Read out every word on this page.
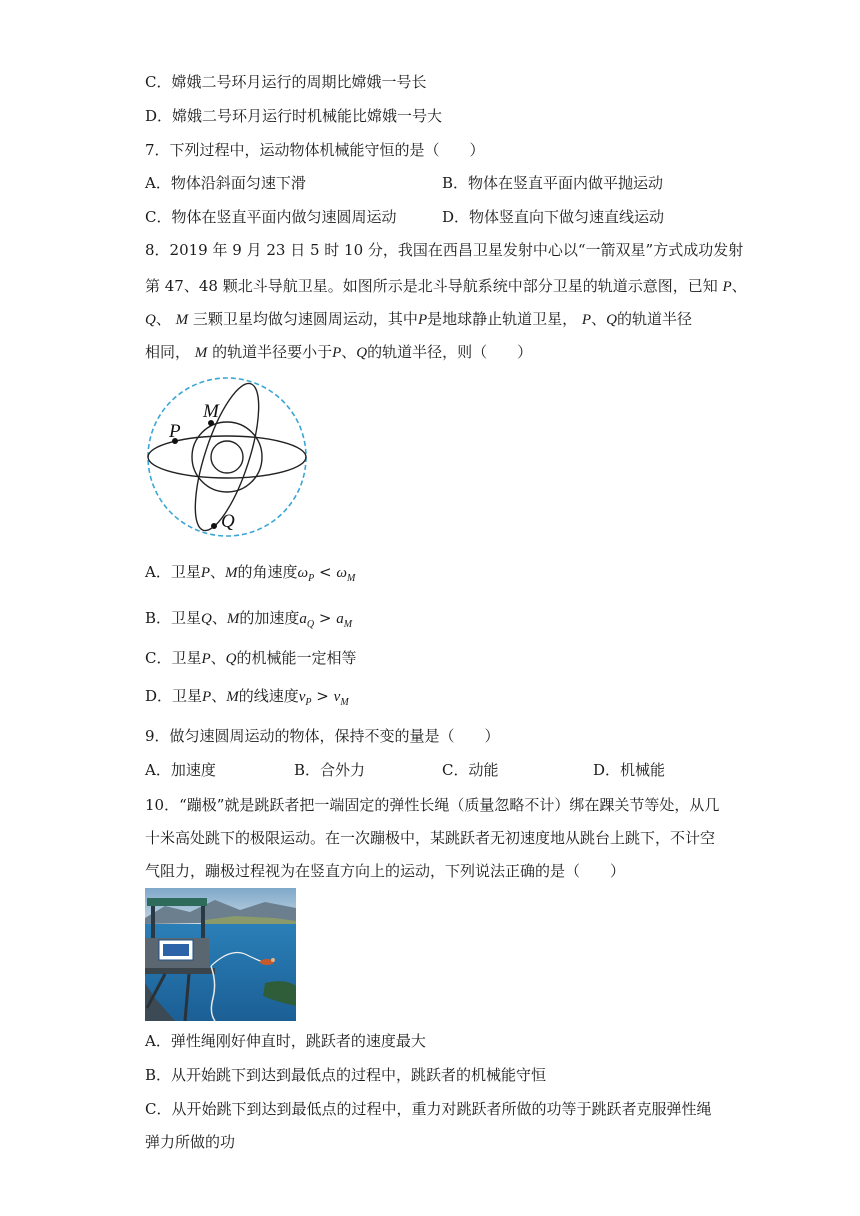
C．嫦娥二号环月运行的周期比嫦娥一号长
D．嫦娥二号环月运行时机械能比嫦娥一号大
7．下列过程中，运动物体机械能守恒的是（　　）
A．物体沿斜面匀速下滑	B．物体在竖直平面内做平抛运动
C．物体在竖直平面内做匀速圆周运动	D．物体竖直向下做匀速直线运动
8．2019 年 9 月 23 日 5 时 10 分，我国在西昌卫星发射中心以“一箭双星”方式成功发射
第 47、48 颗北斗导航卫星。如图所示是北斗导航系统中部分卫星的轨道示意图，已知 P、
Q、 M 三颗卫星均做匀速圆周运动，其中P是地球静止轨道卫星， P、Q的轨道半径
相同， M 的轨道半径要小于P、Q的轨道半径，则（　　）
M
P
Q
A．卫星P、M的角速度$\omega_P < \omega_M$
B．卫星Q、M的加速度$a_Q > a_M$
C．卫星P、Q的机械能一定相等
D．卫星P、M的线速度$v_P > v_M$
9．做匀速圆周运动的物体，保持不变的量是（　　）
A．加速度	B．合外力	C．动能	D．机械能
10．“蹦极”就是跳跃者把一端固定的弹性长绳（质量忽略不计）绑在踝关节等处，从几
十米高处跳下的极限运动。在一次蹦极中，某跳跃者无初速度地从跳台上跳下，不计空
气阻力，蹦极过程视为在竖直方向上的运动，下列说法正确的是（　　）
A．弹性绳刚好伸直时，跳跃者的速度最大
B．从开始跳下到达到最低点的过程中，跳跃者的机械能守恒
C．从开始跳下到达到最低点的过程中，重力对跳跃者所做的功等于跳跃者克服弹性绳
弹力所做的功
